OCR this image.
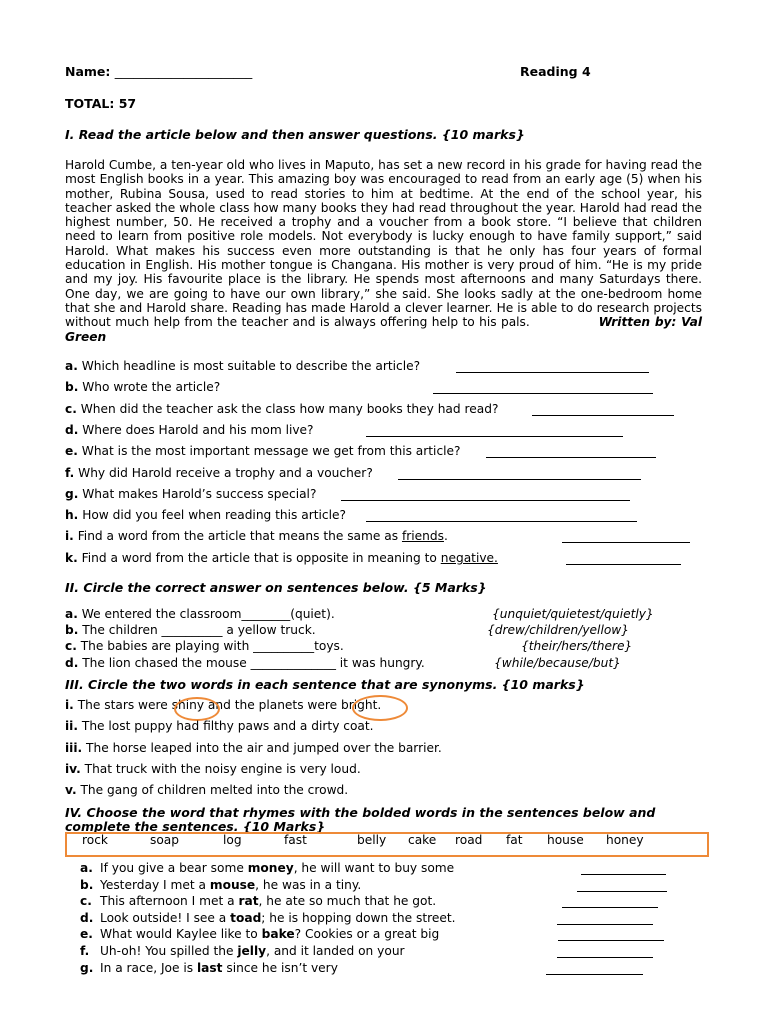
Name: ______________________	Reading 4
TOTAL: 57
I. Read the article below and then answer questions. {10 marks}
Harold Cumbe, a ten-year old who lives in Maputo, has set a new record in his grade for having read the most English books in a year. This amazing boy was encouraged to read from an early age (5) when his mother, Rubina Sousa, used to read stories to him at bedtime. At the end of the school year, his teacher asked the whole class how many books they had read throughout the year. Harold had read the highest number, 50. He received a trophy and a voucher from a book store. “I believe that children need to learn from positive role models. Not everybody is lucky enough to have family support,” said Harold. What makes his success even more outstanding is that he only has four years of formal education in English. His mother tongue is Changana. His mother is very proud of him. “He is my pride and my joy. His favourite place is the library. He spends most afternoons and many Saturdays there. One day, we are going to have our own library,” she said. She looks sadly at the one-bedroom home that she and Harold share. Reading has made Harold a clever learner. He is able to do research projects without much help from the teacher and is always offering help to his pals.	Written by: Val Green
a. Which headline is most suitable to describe the article?
b. Who wrote the article?
c. When did the teacher ask the class how many books they had read?
d. Where does Harold and his mom live?
e. What is the most important message we get from this article?
f. Why did Harold receive a trophy and a voucher?
g. What makes Harold’s success special?
h. How did you feel when reading this article?
i. Find a word from the article that means the same as friends.
k. Find a word from the article that is opposite in meaning to negative.
II. Circle the correct answer on sentences below. {5 Marks}
a. We entered the classroom________(quiet).	{unquiet/quietest/quietly}
b. The children __________ a yellow truck.	{drew/children/yellow}
c. The babies are playing with __________toys.	{their/hers/there}
d. The lion chased the mouse ______________ it was hungry.	{while/because/but}
III. Circle the two words in each sentence that are synonyms. {10 marks}
i. The stars were shiny and the planets were bright.
ii. The lost puppy had filthy paws and a dirty coat.
iii. The horse leaped into the air and jumped over the barrier.
iv. That truck with the noisy engine is very loud.
v. The gang of children melted into the crowd.
IV. Choose the word that rhymes with the bolded words in the sentences below and
complete the sentences. {10 Marks}
rock	soap	log	fast	belly cake road fat house honey
a. If you give a bear some money, he will want to buy some
b. Yesterday I met a mouse, he was in a tiny.
c. This afternoon I met a rat, he ate so much that he got.
d. Look outside! I see a toad; he is hopping down the street.
e. What would Kaylee like to bake? Cookies or a great big
f. Uh-oh! You spilled the jelly, and it landed on your
g. In a race, Joe is last since he isn’t very
